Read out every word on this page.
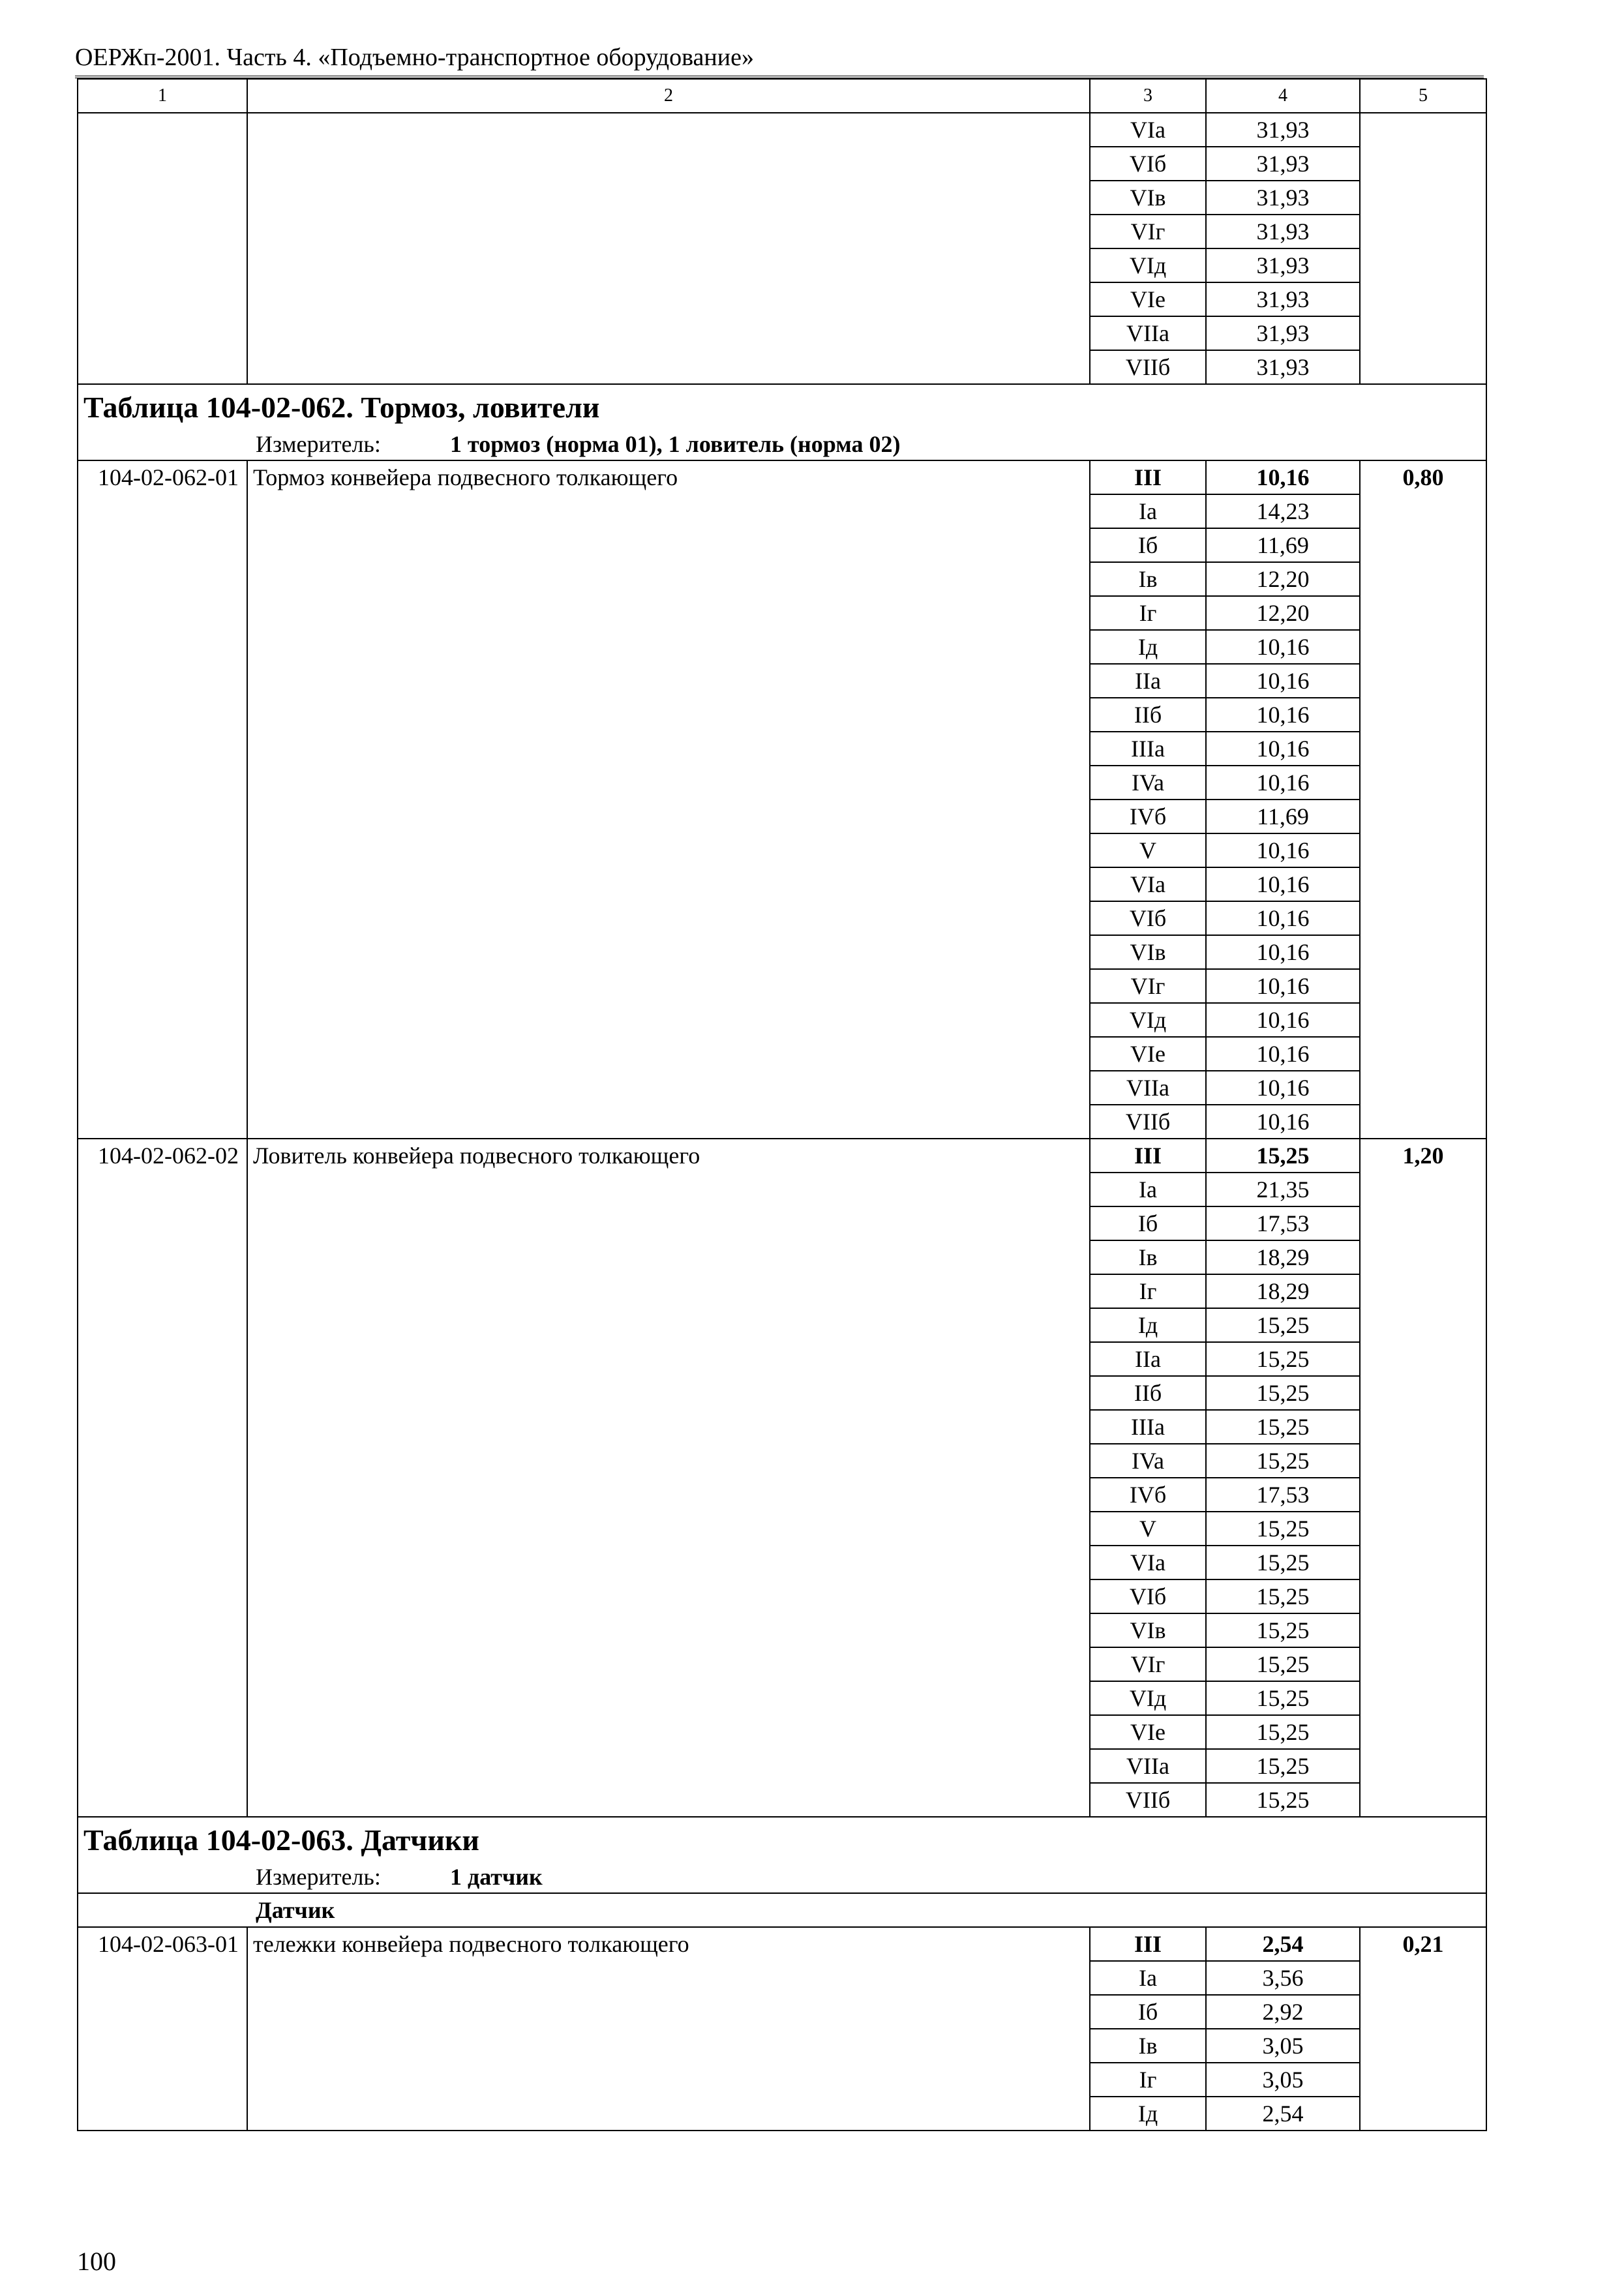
ОЕРЖп-2001. Часть 4. «Подъемно-транспортное оборудование»
1	2	3	4	5
		VIa	31,93	
		VIб	31,93	
		VIв	31,93	
		VIг	31,93	
		VIд	31,93	
		VIе	31,93	
		VIIa	31,93	
		VIIб	31,93	

Таблица 104-02-062. Тормоз, ловители
Измеритель: 1 тормоз (норма 01), 1 ловитель (норма 02)				

104-02-062-01	Тормоз конвейера подвесного толкающего	III	10,16	0,80
		Ia	14,23	
		Iб	11,69	
		Iв	12,20	
		Iг	12,20	
		Iд	10,16	
		IIa	10,16	
		IIб	10,16	
		IIIa	10,16	
		IVa	10,16	
		IVб	11,69	
		V	10,16	
		VIa	10,16	
		VIб	10,16	
		VIв	10,16	
		VIг	10,16	
		VIд	10,16	
		VIе	10,16	
		VIIa	10,16	
		VIIб	10,16	
104-02-062-02	Ловитель конвейера подвесного толкающего	III	15,25	1,20
		Ia	21,35	
		Iб	17,53	
		Iв	18,29	
		Iг	18,29	
		Iд	15,25	
		IIa	15,25	
		IIб	15,25	
		IIIa	15,25	
		IVa	15,25	
		IVб	17,53	
		V	15,25	
		VIa	15,25	
		VIб	15,25	
		VIв	15,25	
		VIг	15,25	
		VIд	15,25	
		VIе	15,25	
		VIIa	15,25	
		VIIб	15,25	

Таблица 104-02-063. Датчики
Измеритель: 1 датчик				

Датчик				
104-02-063-01	тележки конвейера подвесного толкающего	III	2,54	0,21
		Ia	3,56	
		Iб	2,92	
		Iв	3,05	
		Iг	3,05	
		Iд	2,54	
100
